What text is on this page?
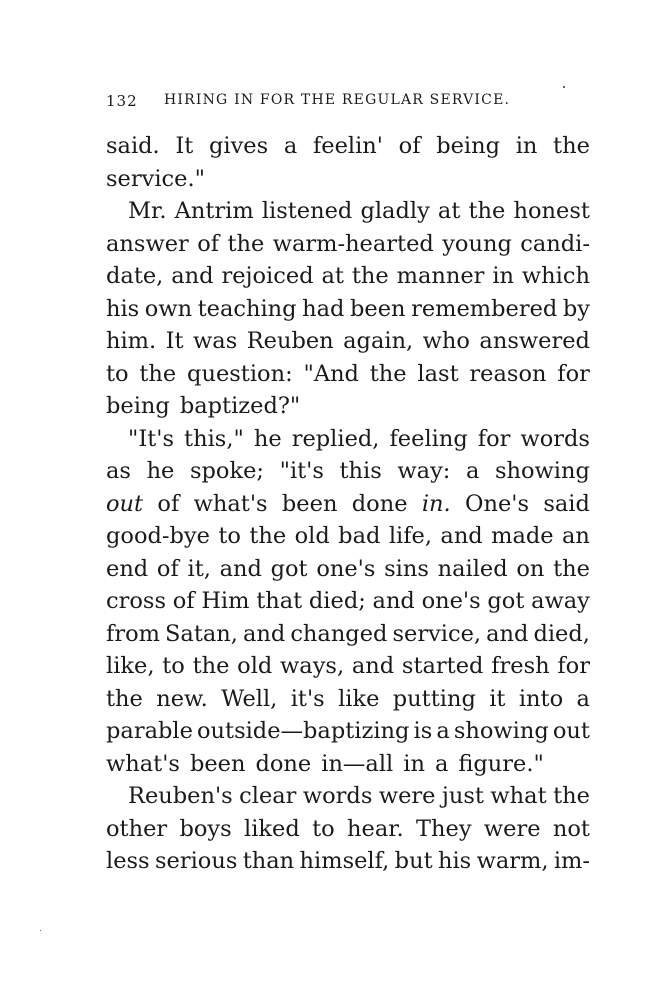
132 HIRING IN FOR THE REGULAR SERVICE.
said. It gives a feelin' of being in the
service."
Mr. Antrim listened gladly at the honest
answer of the warm-hearted young candi-
date, and rejoiced at the manner in which
his own teaching had been remembered by
him. It was Reuben again, who answered
to the question: "And the last reason for
being baptized?"
"It's this," he replied, feeling for words
as he spoke; "it's this way: a showing
out of what's been done in. One's said
good-bye to the old bad life, and made an
end of it, and got one's sins nailed on the
cross of Him that died; and one's got away
from Satan, and changed service, and died,
like, to the old ways, and started fresh for
the new. Well, it's like putting it into a
parable outside—baptizing is a showing out
what's been done in—all in a figure."
Reuben's clear words were just what the
other boys liked to hear. They were not
less serious than himself, but his warm, im-
